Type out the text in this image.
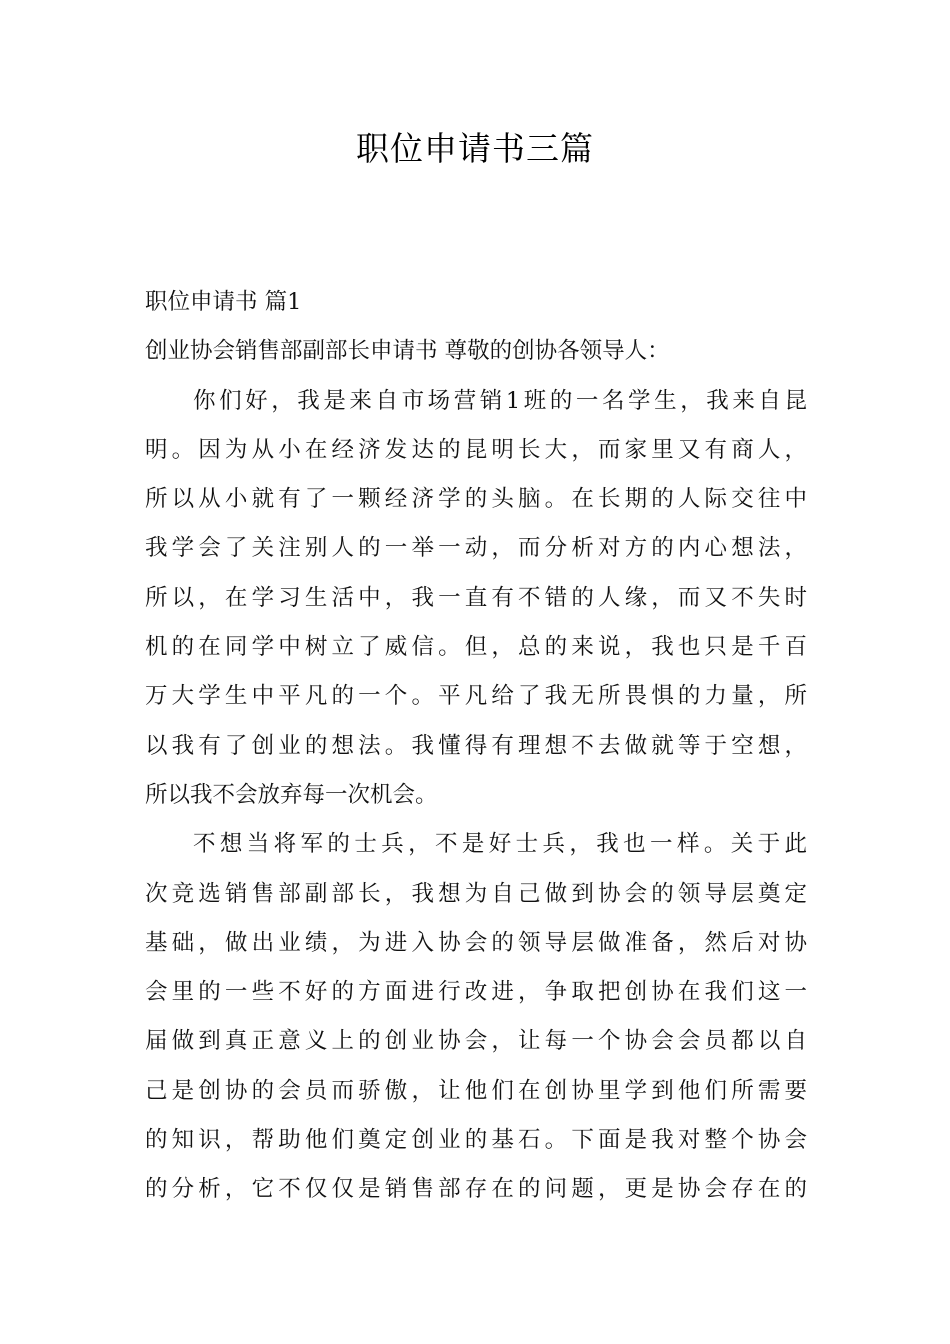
职位申请书三篇
职位申请书 篇1
创业协会销售部副部长申请书 尊敬的创协各领导人：
你们好，我是来自市场营销1班的一名学生，我来自昆
明。因为从小在经济发达的昆明长大，而家里又有商人，
所以从小就有了一颗经济学的头脑。在长期的人际交往中
我学会了关注别人的一举一动，而分析对方的内心想法，
所以，在学习生活中，我一直有不错的人缘，而又不失时
机的在同学中树立了威信。但，总的来说，我也只是千百
万大学生中平凡的一个。平凡给了我无所畏惧的力量，所
以我有了创业的想法。我懂得有理想不去做就等于空想，
所以我不会放弃每一次机会。
不想当将军的士兵，不是好士兵，我也一样。关于此
次竞选销售部副部长，我想为自己做到协会的领导层奠定
基础，做出业绩，为进入协会的领导层做准备，然后对协
会里的一些不好的方面进行改进，争取把创协在我们这一
届做到真正意义上的创业协会，让每一个协会会员都以自
己是创协的会员而骄傲，让他们在创协里学到他们所需要
的知识，帮助他们奠定创业的基石。下面是我对整个协会
的分析，它不仅仅是销售部存在的问题，更是协会存在的
